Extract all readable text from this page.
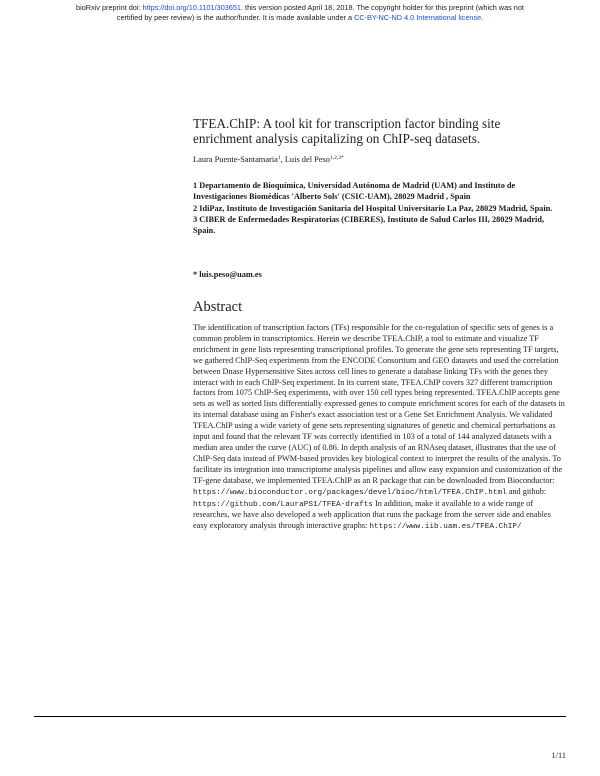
bioRxiv preprint doi: https://doi.org/10.1101/303651. this version posted April 18, 2018. The copyright holder for this preprint (which was not
certified by peer review) is the author/funder. It is made available under a CC-BY-NC-ND 4.0 International license.
TFEA.ChIP: A tool kit for transcription factor binding site
enrichment analysis capitalizing on ChIP-seq datasets.
Laura Puente-Santamaria$^1$, Luis del Peso$^{1,2,3*}$

1 Departamento de Bioquímica, Universidad Autónoma de Madrid (UAM) and Instituto de Investigaciones Biomédicas 'Alberto Sols' (CSIC-UAM), 28029 Madrid , Spain

2 IdiPaz, Instituto de Investigación Sanitaria del Hospital Universitario La Paz, 28029 Madrid, Spain.

3 CIBER de Enfermedades Respiratorias (CIBERES), Instituto de Salud Carlos III, 28029 Madrid, Spain.

* luis.peso@uam.es
Abstract

The identification of transcription factors (TFs) responsible for the co-regulation of specific sets of genes is a common problem in transcriptomics. Herein we describe TFEA.ChIP, a tool to estimate and visualize TF enrichment in gene lists representing transcriptional profiles. To generate the gene sets representing TF targets, we gathered ChIP-Seq experiments from the ENCODE Consortium and GEO datasets and used the correlation between Dnase Hypersensitive Sites across cell lines to generate a database linking TFs with the genes they interact with in each ChIP-Seq experiment. In its current state, TFEA.ChIP covers 327 different transcription factors from 1075 ChIP-Seq experiments, with over 150 cell types being represented. TFEA.ChIP accepts gene sets as well as sorted lists differentially expressed genes to compute enrichment scores for each of the datasets in its internal database using an Fisher's exact association test or a Gene Set Enrichment Analysis. We validated TFEA.ChIP using a wide variety of gene sets representing signatures of genetic and chemical perturbations as input and found that the relevant TF was correctly identified in 103 of a total of 144 analyzed datasets with a median area under the curve (AUC) of 0.86. In depth analysis of an RNAseq dataset, illustrates that the use of ChIP-Seq data instead of PWM-based provides key biological context to interpret the results of the analysis. To facilitate its integration into transcriptome analysis pipelines and allow easy expansion and customization of the TF-gene database, we implemented TFEA.ChIP as an R package that can be downloaded from Bioconductor: https://www.bioconductor.org/packages/devel/bioc/html/TFEA.ChIP.html and github: https://github.com/LauraPS1/TFEA-drafts In addition, make it available to a wide range of researches, we have also developed a web application that runs the package from the server side and enables easy exploratory analysis through interactive graphs: https://www.iib.uam.es/TFEA.ChIP/

1/11
